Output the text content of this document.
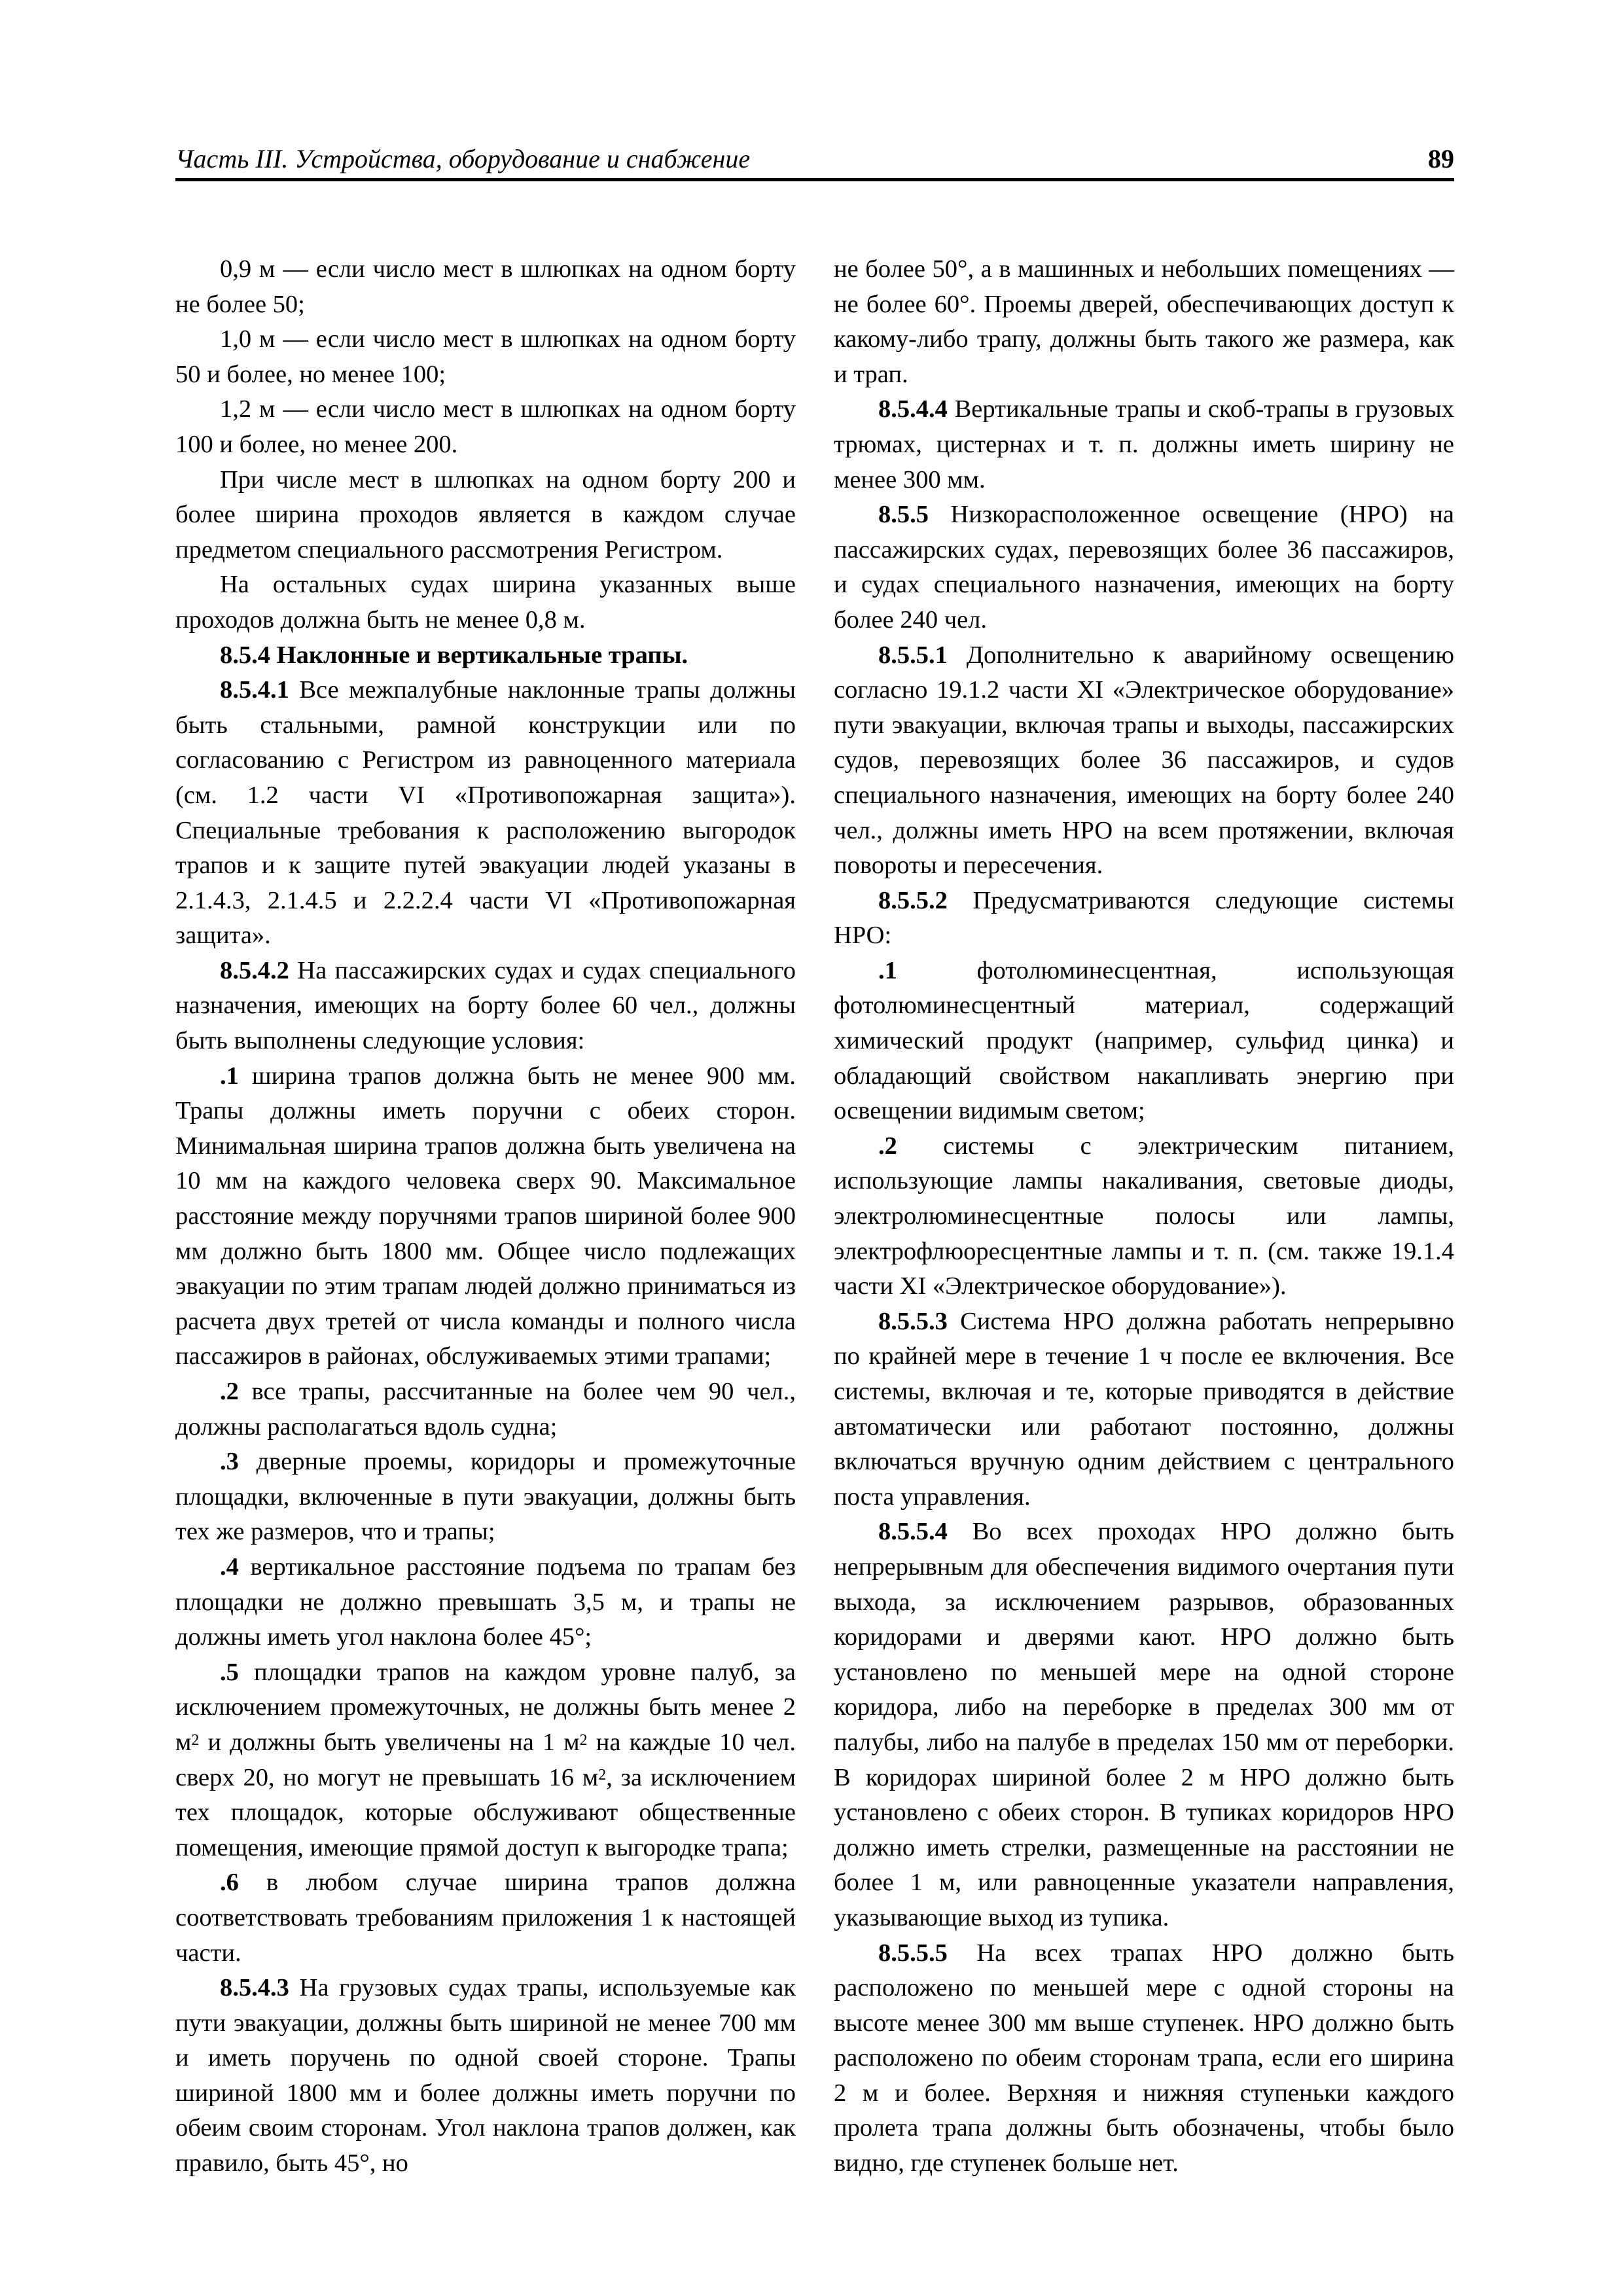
Часть III. Устройства, оборудование и снабжение	89

0,9 м — если число мест в шлюпках на одном борту не более 50;

1,0 м — если число мест в шлюпках на одном борту 50 и более, но менее 100;

1,2 м — если число мест в шлюпках на одном борту 100 и более, но менее 200.

При числе мест в шлюпках на одном борту 200 и более ширина проходов является в каждом случае предметом специального рассмотрения Регистром.

На остальных судах ширина указанных выше проходов должна быть не менее 0,8 м.

8.5.4 Наклонные и вертикальные трапы.

8.5.4.1 Все межпалубные наклонные трапы должны быть стальными, рамной конструкции или по согласованию с Регистром из равноценного материала (см. 1.2 части VI «Противопожарная защита»). Специальные требования к расположению выгородок трапов и к защите путей эвакуации людей указаны в 2.1.4.3, 2.1.4.5 и 2.2.2.4 части VI «Противопожарная защита».

8.5.4.2 На пассажирских судах и судах специального назначения, имеющих на борту более 60 чел., должны быть выполнены следующие условия:

.1 ширина трапов должна быть не менее 900 мм. Трапы должны иметь поручни с обеих сторон. Минимальная ширина трапов должна быть увеличена на 10 мм на каждого человека сверх 90. Максимальное расстояние между поручнями трапов шириной более 900 мм должно быть 1800 мм. Общее число подлежащих эвакуации по этим трапам людей должно приниматься из расчета двух третей от числа команды и полного числа пассажиров в районах, обслуживаемых этими трапами;

.2 все трапы, рассчитанные на более чем 90 чел., должны располагаться вдоль судна;

.3 дверные проемы, коридоры и промежуточные площадки, включенные в пути эвакуации, должны быть тех же размеров, что и трапы;

.4 вертикальное расстояние подъема по трапам без площадки не должно превышать 3,5 м, и трапы не должны иметь угол наклона более 45°;

.5 площадки трапов на каждом уровне палуб, за исключением промежуточных, не должны быть менее 2 $м^2$ и должны быть увеличены на 1 $м^2$ на каждые 10 чел. сверх 20, но могут не превышать 16 $м^2$, за исключением тех площадок, которые обслуживают общественные помещения, имеющие прямой доступ к выгородке трапа;

.6 в любом случае ширина трапов должна соответствовать требованиям приложения 1 к настоящей части.

8.5.4.3 На грузовых судах трапы, используемые как пути эвакуации, должны быть шириной не менее 700 мм и иметь поручень по одной своей стороне. Трапы шириной 1800 мм и более должны иметь поручни по обеим своим сторонам. Угол наклона трапов должен, как правило, быть 45°, но

не более 50°, а в машинных и небольших помещениях — не более 60°. Проемы дверей, обеспечивающих доступ к какому-либо трапу, должны быть такого же размера, как и трап.

8.5.4.4 Вертикальные трапы и скоб-трапы в грузовых трюмах, цистернах и т. п. должны иметь ширину не менее 300 мм.

8.5.5 Низкорасположенное освещение (НРО) на пассажирских судах, перевозящих более 36 пассажиров, и судах специального назначения, имеющих на борту более 240 чел.

8.5.5.1 Дополнительно к аварийному освещению согласно 19.1.2 части XI «Электрическое оборудование» пути эвакуации, включая трапы и выходы, пассажирских судов, перевозящих более 36 пассажиров, и судов специального назначения, имеющих на борту более 240 чел., должны иметь НРО на всем протяжении, включая повороты и пересечения.

8.5.5.2 Предусматриваются следующие системы НРО:

.1 фотолюминесцентная, использующая фотолюминесцентный материал, содержащий химический продукт (например, сульфид цинка) и обладающий свойством накапливать энергию при освещении видимым светом;

.2 системы с электрическим питанием, использующие лампы накаливания, световые диоды, электролюминесцентные полосы или лампы, электрофлюоресцентные лампы и т. п. (см. также 19.1.4 части XI «Электрическое оборудование»).

8.5.5.3 Система НРО должна работать непрерывно по крайней мере в течение 1 ч после ее включения. Все системы, включая и те, которые приводятся в действие автоматически или работают постоянно, должны включаться вручную одним действием с центрального поста управления.

8.5.5.4 Во всех проходах НРО должно быть непрерывным для обеспечения видимого очертания пути выхода, за исключением разрывов, образованных коридорами и дверями кают. НРО должно быть установлено по меньшей мере на одной стороне коридора, либо на переборке в пределах 300 мм от палубы, либо на палубе в пределах 150 мм от переборки. В коридорах шириной более 2 м НРО должно быть установлено с обеих сторон. В тупиках коридоров НРО должно иметь стрелки, размещенные на расстоянии не более 1 м, или равноценные указатели направления, указывающие выход из тупика.

8.5.5.5 На всех трапах НРО должно быть расположено по меньшей мере с одной стороны на высоте менее 300 мм выше ступенек. НРО должно быть расположено по обеим сторонам трапа, если его ширина 2 м и более. Верхняя и нижняя ступеньки каждого пролета трапа должны быть обозначены, чтобы было видно, где ступенек больше нет.
